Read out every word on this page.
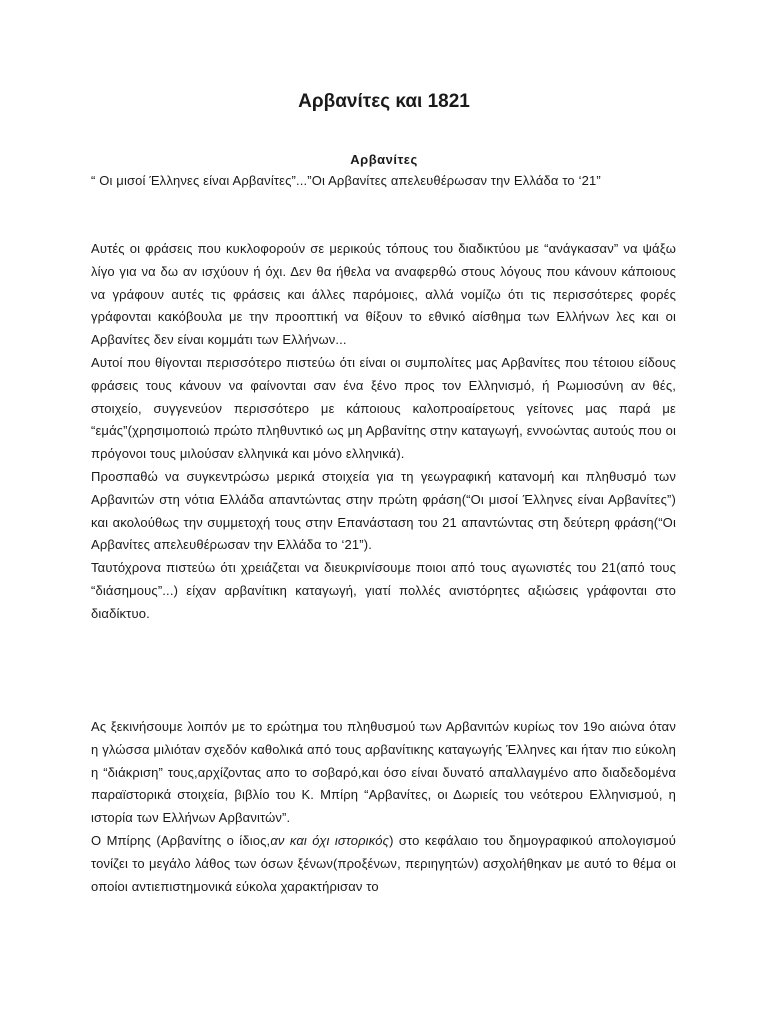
Αρβανίτες και 1821
Αρβανίτες

“ Οι μισοί Έλληνες είναι Αρβανίτες”...”Οι Αρβανίτες απελευθέρωσαν την Ελλάδα το ‘21”

Αυτές οι φράσεις που κυκλοφορούν σε μερικούς τόπους του διαδικτύου με “ανάγκασαν” να ψάξω λίγο για να δω αν ισχύουν ή όχι. Δεν θα ήθελα να αναφερθώ στους λόγους που κάνουν κάποιους να γράφουν αυτές τις φράσεις και άλλες παρόμοιες, αλλά νομίζω ότι τις περισσότερες φορές γράφονται κακόβουλα με την προοπτική να θίξουν το εθνικό αίσθημα των Ελλήνων λες και οι Αρβανίτες δεν είναι κομμάτι των Ελλήνων...

Αυτοί που θίγονται περισσότερο πιστεύω ότι είναι οι συμπολίτες μας Αρβανίτες που τέτοιου είδους φράσεις τους κάνουν να φαίνονται σαν ένα ξένο προς τον Ελληνισμό, ή Ρωμιοσύνη αν θές, στοιχείο, συγγενεύον περισσότερο με κάποιους καλοπροαίρετους γείτονες μας παρά με “εμάς”(χρησιμοποιώ πρώτο πληθυντικό ως μη Αρβανίτης στην καταγωγή, εννοώντας αυτούς που οι πρόγονοι τους μιλούσαν ελληνικά και μόνο ελληνικά).

Προσπαθώ να συγκεντρώσω μερικά στοιχεία για τη γεωγραφική κατανομή και πληθυσμό των Αρβανιτών στη νότια Ελλάδα απαντώντας στην πρώτη φράση(“Οι μισοί Έλληνες είναι Αρβανίτες”) και ακολούθως την συμμετοχή τους στην Επανάσταση του 21 απαντώντας στη δεύτερη φράση(“Οι Αρβανίτες απελευθέρωσαν την Ελλάδα το ‘21”).

Ταυτόχρονα πιστεύω ότι χρειάζεται να διευκρινίσουμε ποιοι από τους αγωνιστές του 21(από τους “διάσημους”...) είχαν αρβανίτικη καταγωγή, γιατί πολλές ανιστόρητες αξιώσεις γράφονται στο διαδίκτυο.

Ας ξεκινήσουμε λοιπόν με το ερώτημα του πληθυσμού των Αρβανιτών κυρίως τον 19ο αιώνα όταν η γλώσσα μιλιόταν σχεδόν καθολικά από τους αρβανίτικης καταγωγής Έλληνες και ήταν πιο εύκολη η “διάκριση” τους,αρχίζοντας απο το σοβαρό,και όσο είναι δυνατό απαλλαγμένο απο διαδεδομένα παραϊστορικά στοιχεία, βιβλίο του Κ. Μπίρη “Αρβανίτες, οι Δωριείς του νεότερου Ελληνισμού, η ιστορία των Ελλήνων Αρβανιτών”.

Ο Μπίρης (Αρβανίτης ο ίδιος,αν και όχι ιστορικός) στο κεφάλαιο του δημογραφικού απολογισμού τονίζει το μεγάλο λάθος των όσων ξένων(προξένων, περιηγητών) ασχολήθηκαν με αυτό το θέμα οι οποίοι αντιεπιστημονικά εύκολα χαρακτήρισαν το
